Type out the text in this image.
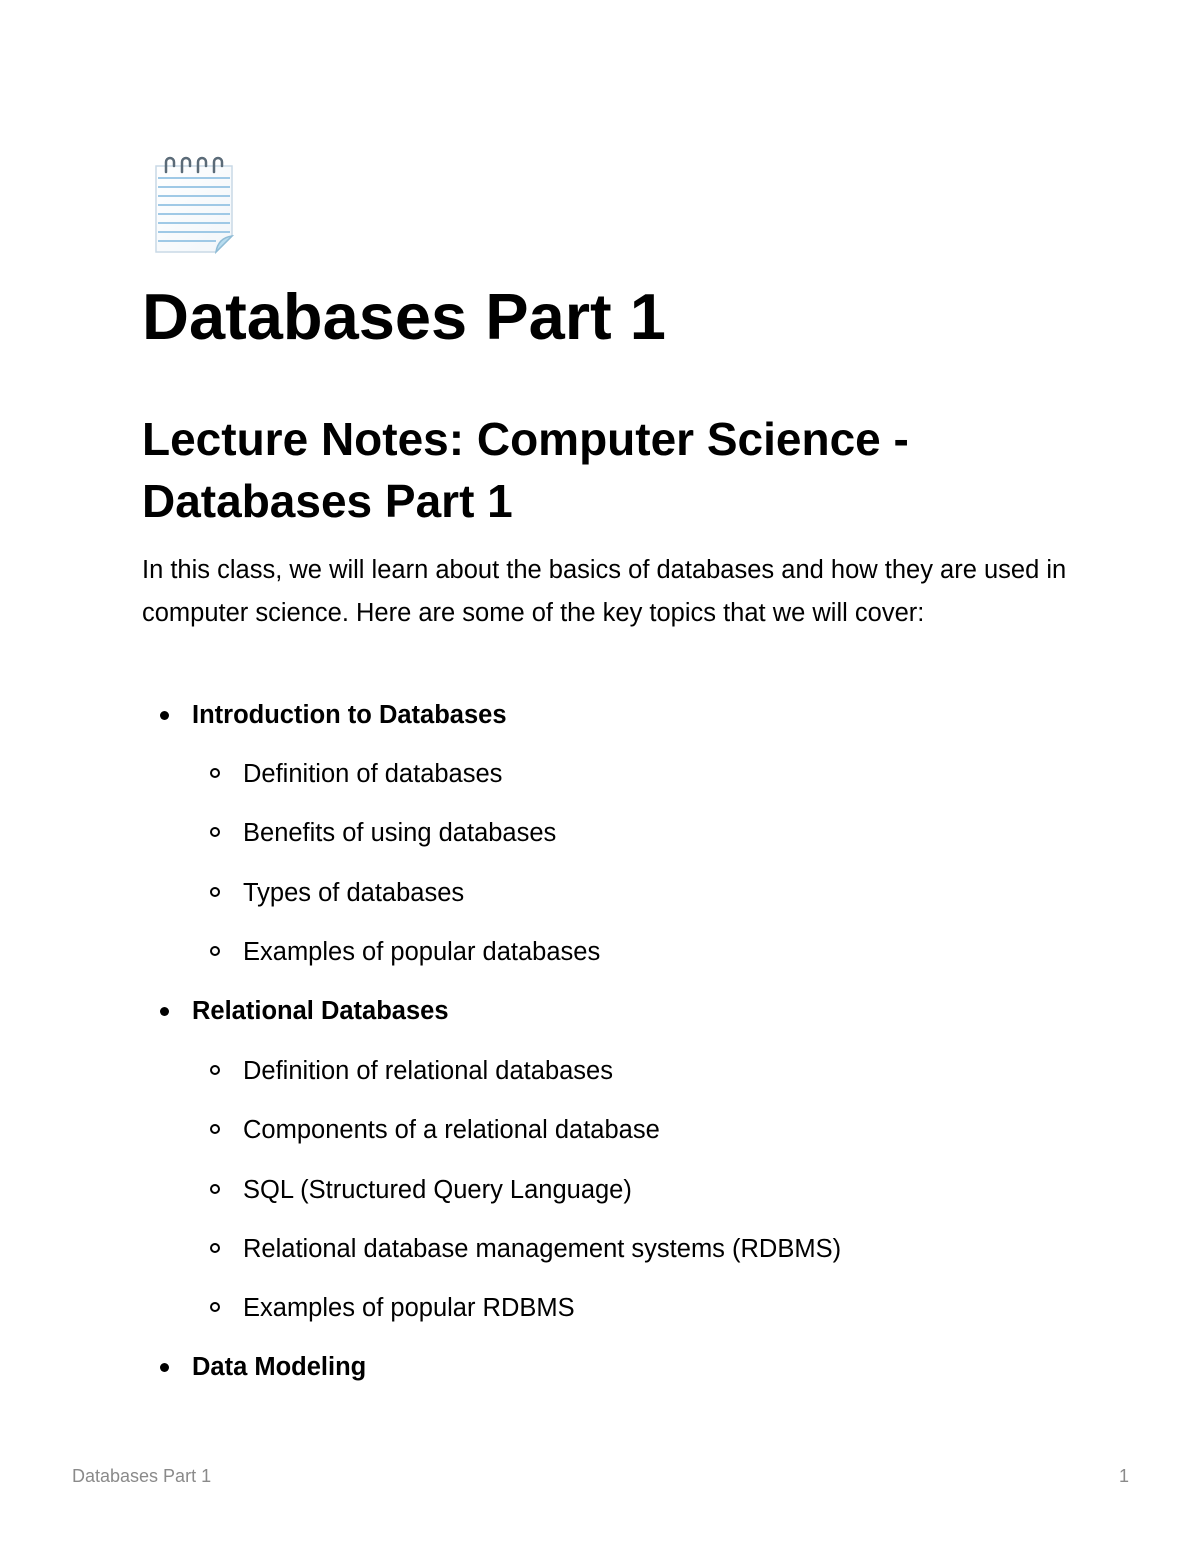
Databases Part 1
Lecture Notes: Computer Science - Databases Part 1

In this class, we will learn about the basics of databases and how they are used in computer science. Here are some of the key topics that we will cover:

Introduction to Databases

Definition of databases

Benefits of using databases

Types of databases

Examples of popular databases

Relational Databases

Definition of relational databases

Components of a relational database

SQL (Structured Query Language)

Relational database management systems (RDBMS)

Examples of popular RDBMS

Data Modeling

Databases Part 1	1
